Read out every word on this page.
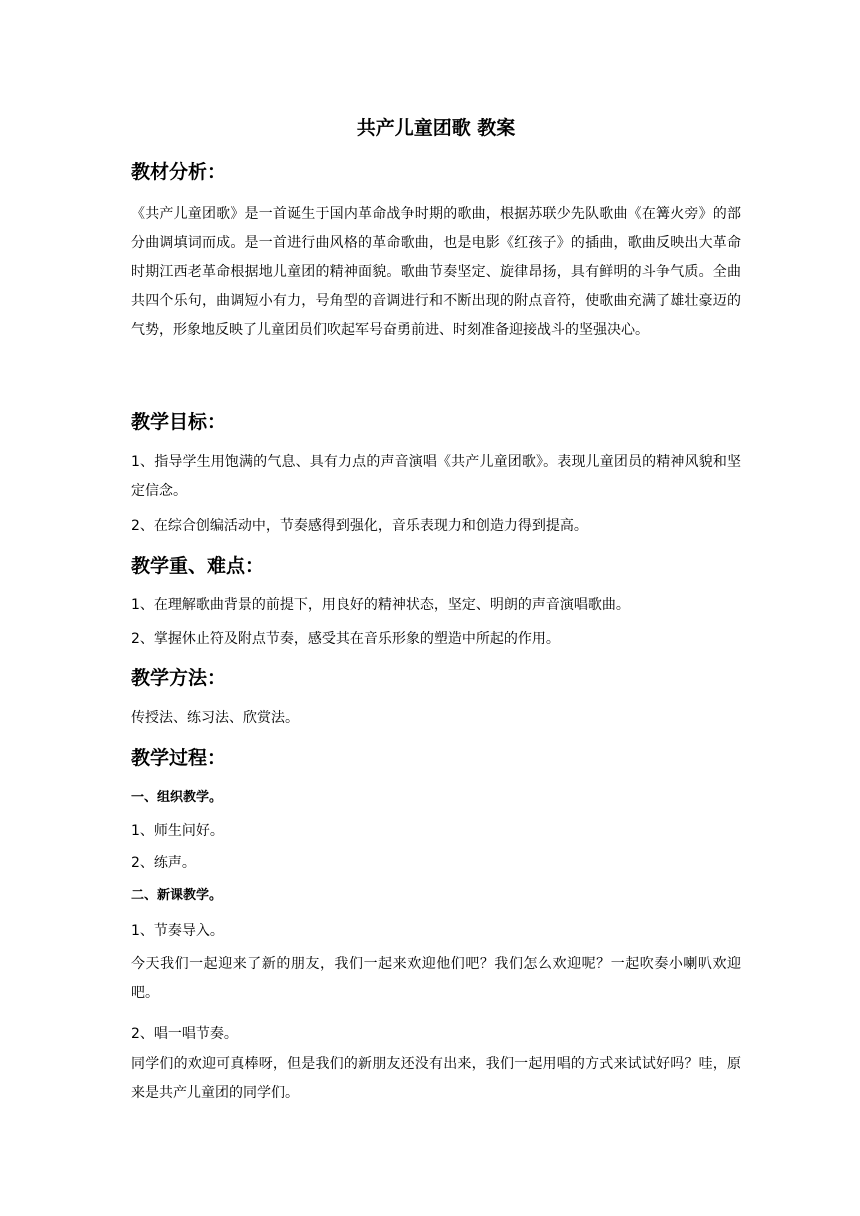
共产儿童团歌 教案
教材分析：
《共产儿童团歌》是一首诞生于国内革命战争时期的歌曲，根据苏联少先队歌曲《在篝火旁》的部分曲调填词而成。是一首进行曲风格的革命歌曲，也是电影《红孩子》的插曲，歌曲反映出大革命时期江西老革命根据地儿童团的精神面貌。歌曲节奏坚定、旋律昂扬，具有鲜明的斗争气质。全曲共四个乐句，曲调短小有力，号角型的音调进行和不断出现的附点音符，使歌曲充满了雄壮豪迈的气势，形象地反映了儿童团员们吹起军号奋勇前进、时刻准备迎接战斗的坚强决心。
教学目标：
1、指导学生用饱满的气息、具有力点的声音演唱《共产儿童团歌》。表现儿童团员的精神风貌和坚定信念。
2、在综合创编活动中，节奏感得到强化，音乐表现力和创造力得到提高。
教学重、难点：
1、在理解歌曲背景的前提下，用良好的精神状态，坚定、明朗的声音演唱歌曲。
2、掌握休止符及附点节奏，感受其在音乐形象的塑造中所起的作用。
教学方法：
传授法、练习法、欣赏法。
教学过程：
一、组织教学。
1、师生问好。
2、练声。
二、新课教学。
1、节奏导入。
今天我们一起迎来了新的朋友，我们一起来欢迎他们吧？我们怎么欢迎呢？一起吹奏小喇叭欢迎吧。
2、唱一唱节奏。
同学们的欢迎可真棒呀，但是我们的新朋友还没有出来，我们一起用唱的方式来试试好吗？哇，原来是共产儿童团的同学们。
